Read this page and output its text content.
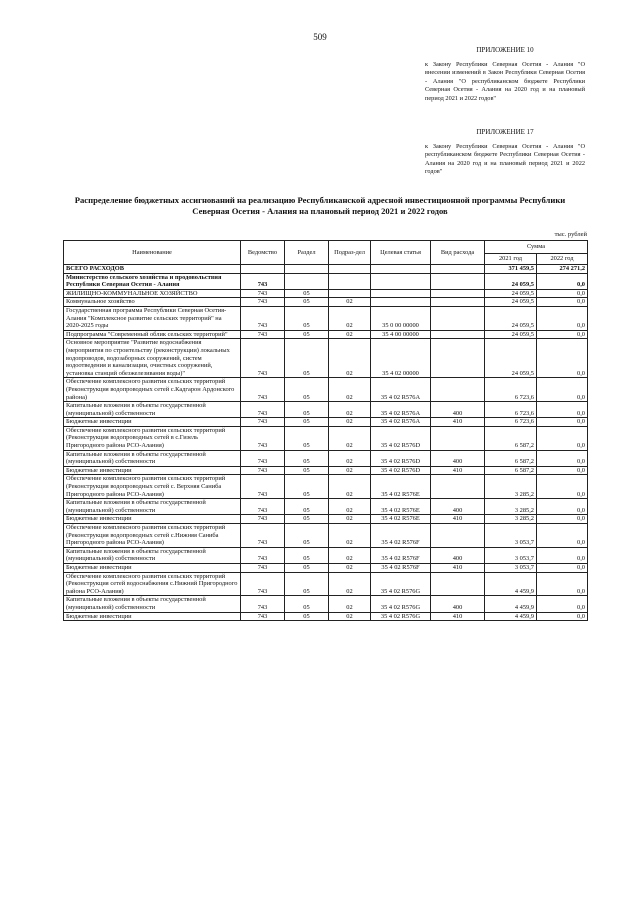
509
ПРИЛОЖЕНИЕ 10
к Закону Республики Северная Осетия - Алания "О внесении изменений в Закон Республики Северная Осетия - Алания "О республиканском бюджете Республики Северная Осетия - Алания на 2020 год и на плановый период 2021 и 2022 годов"
ПРИЛОЖЕНИЕ 17
к Закону Республики Северная Осетия - Алания "О республиканском бюджете Республики Северная Осетия - Алания на 2020 год и на плановый период 2021 и 2022 годов"
Распределение бюджетных ассигнований на реализацию Республиканской адресной инвестиционной программы Республики Северная Осетия - Алания на плановый период 2021 и 2022 годов
тыс. рублей
Наименование	Ведомство	Раздел	Подраз-дел	Целевая статья	Вид расхода	Сумма	
						2021 год	2022 год
ВСЕГО РАСХОДОВ						371 459,5	274 271,2
Министерство сельского хозяйства и продовольствия Республики Северная Осетия - Алания	743					24 059,5	0,0
ЖИЛИЩНО-КОММУНАЛЬНОЕ ХОЗЯЙСТВО	743	05				24 059,5	0,0
Коммунальное хозяйство	743	05	02			24 059,5	0,0
Государственная программа Республики Северная Осетия-Алания "Комплексное развитие сельских территорий" на 2020-2025 годы	743	05	02	35 0 00 00000		24 059,5	0,0
Подпрограмма "Современный облик сельских территорий"	743	05	02	35 4 00 00000		24 059,5	0,0
Основное мероприятие "Развитие водоснабжения (мероприятия по строительству (реконструкции) локальных водопроводов, водозаборных сооружений, систем водоотведения и канализации, очистных сооружений, установка станций обезжелезивания воды)"	743	05	02	35 4 02 00000		24 059,5	0,0
Обеспечение комплексного развития сельских территорий (Реконструкция водопроводных сетей с.Кадгарон Ардонского района)	743	05	02	35 4 02 R576A		6 723,6	0,0
Капитальные вложения в объекты государственной (муниципальной) собственности	743	05	02	35 4 02 R576A	400	6 723,6	0,0
Бюджетные инвестиции	743	05	02	35 4 02 R576A	410	6 723,6	0,0
Обеспечение комплексного развития сельских территорий (Реконструкция водопроводных сетей в с.Гизель Пригородного района РСО-Алания)	743	05	02	35 4 02 R576D		6 587,2	0,0
Капитальные вложения в объекты государственной (муниципальной) собственности	743	05	02	35 4 02 R576D	400	6 587,2	0,0
Бюджетные инвестиции	743	05	02	35 4 02 R576D	410	6 587,2	0,0
Обеспечение комплексного развития сельских территорий (Реконструкция водопроводных сетей с. Верхняя Саниба Пригородного района РСО-Алания)	743	05	02	35 4 02 R576E		3 285,2	0,0
Капитальные вложения в объекты государственной (муниципальной) собственности	743	05	02	35 4 02 R576E	400	3 285,2	0,0
Бюджетные инвестиции	743	05	02	35 4 02 R576E	410	3 285,2	0,0
Обеспечение комплексного развития сельских территорий (Реконструкция водопроводных сетей с.Нижняя Саниба Пригородного района РСО-Алания)	743	05	02	35 4 02 R576F		3 053,7	0,0
Капитальные вложения в объекты государственной (муниципальной) собственности	743	05	02	35 4 02 R576F	400	3 053,7	0,0
Бюджетные инвестиции	743	05	02	35 4 02 R576F	410	3 053,7	0,0
Обеспечение комплексного развития сельских территорий (Реконструкция сетей водоснабжения с.Нижний Пригородного района РСО-Алания)	743	05	02	35 4 02 R576G		4 459,9	0,0
Капитальные вложения в объекты государственной (муниципальной) собственности	743	05	02	35 4 02 R576G	400	4 459,9	0,0
Бюджетные инвестиции	743	05	02	35 4 02 R576G	410	4 459,9	0,0
